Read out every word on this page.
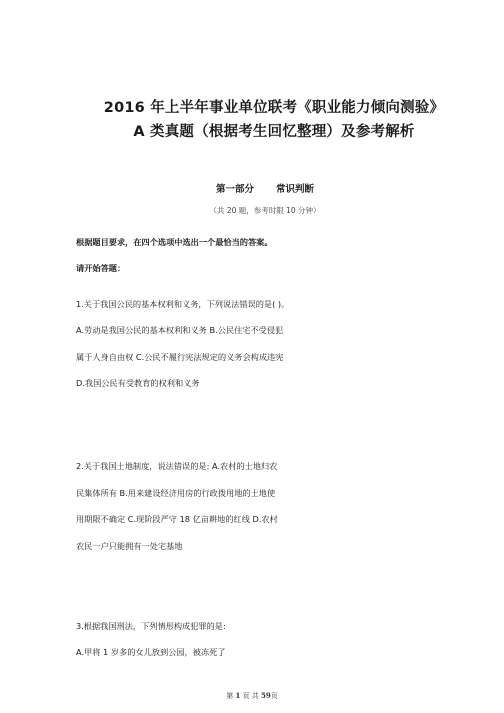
2016 年上半年事业单位联考《职业能力倾向测验》
A 类真题（根据考生回忆整理）及参考解析
第一部分 常识判断
（共 20 题，参考时限 10 分钟）
根据题目要求，在四个选项中选出一个最恰当的答案。
请开始答题：
1.关于我国公民的基本权利和义务，下列说法错误的是( )。
A.劳动是我国公民的基本权利和义务 B.公民住宅不受侵犯
属于人身自由权 C.公民不履行宪法规定的义务会构成违宪
D.我国公民有受教育的权利和义务
2.关于我国土地制度，说法错误的是: A.农村的土地归农
民集体所有 B.用来建设经济用房的行政拨用地的土地使
用期限不确定 C.现阶段严守 18 亿亩耕地的红线 D.农村
农民一户只能拥有一处宅基地
3.根据我国刑法，下列情形构成犯罪的是:
A.甲将 1 岁多的女儿放到公园，被冻死了
第 1 页 共 59页
